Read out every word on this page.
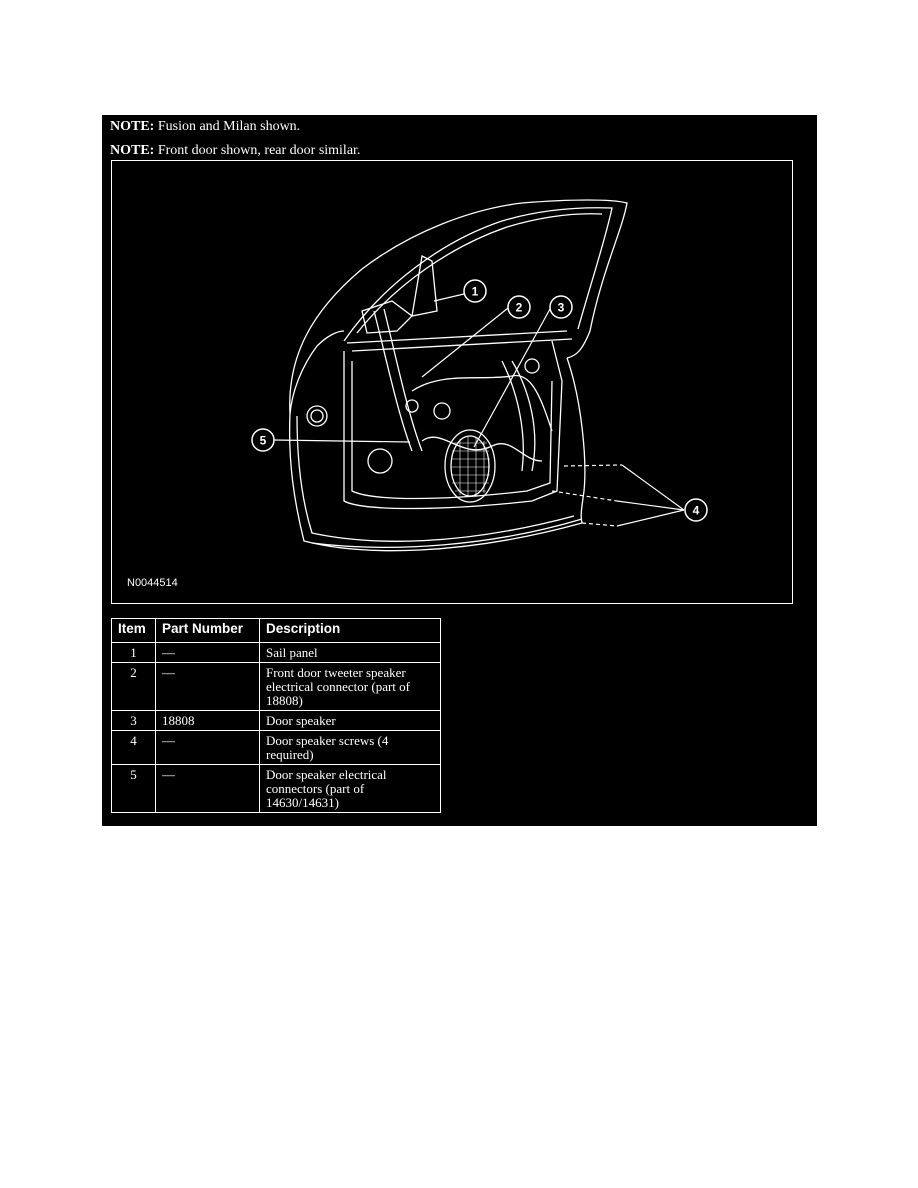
NOTE: Fusion and Milan shown.
NOTE: Front door shown, rear door similar.
1
2	3
4
5
N0044514
Item	Part Number	Description
1	—	Sail panel
2	—	Front door tweeter speaker electrical connector (part of 18808)
3	18808	Door speaker
4	—	Door speaker screws (4 required)
5	—	Door speaker electrical connectors (part of 14630/14631)
